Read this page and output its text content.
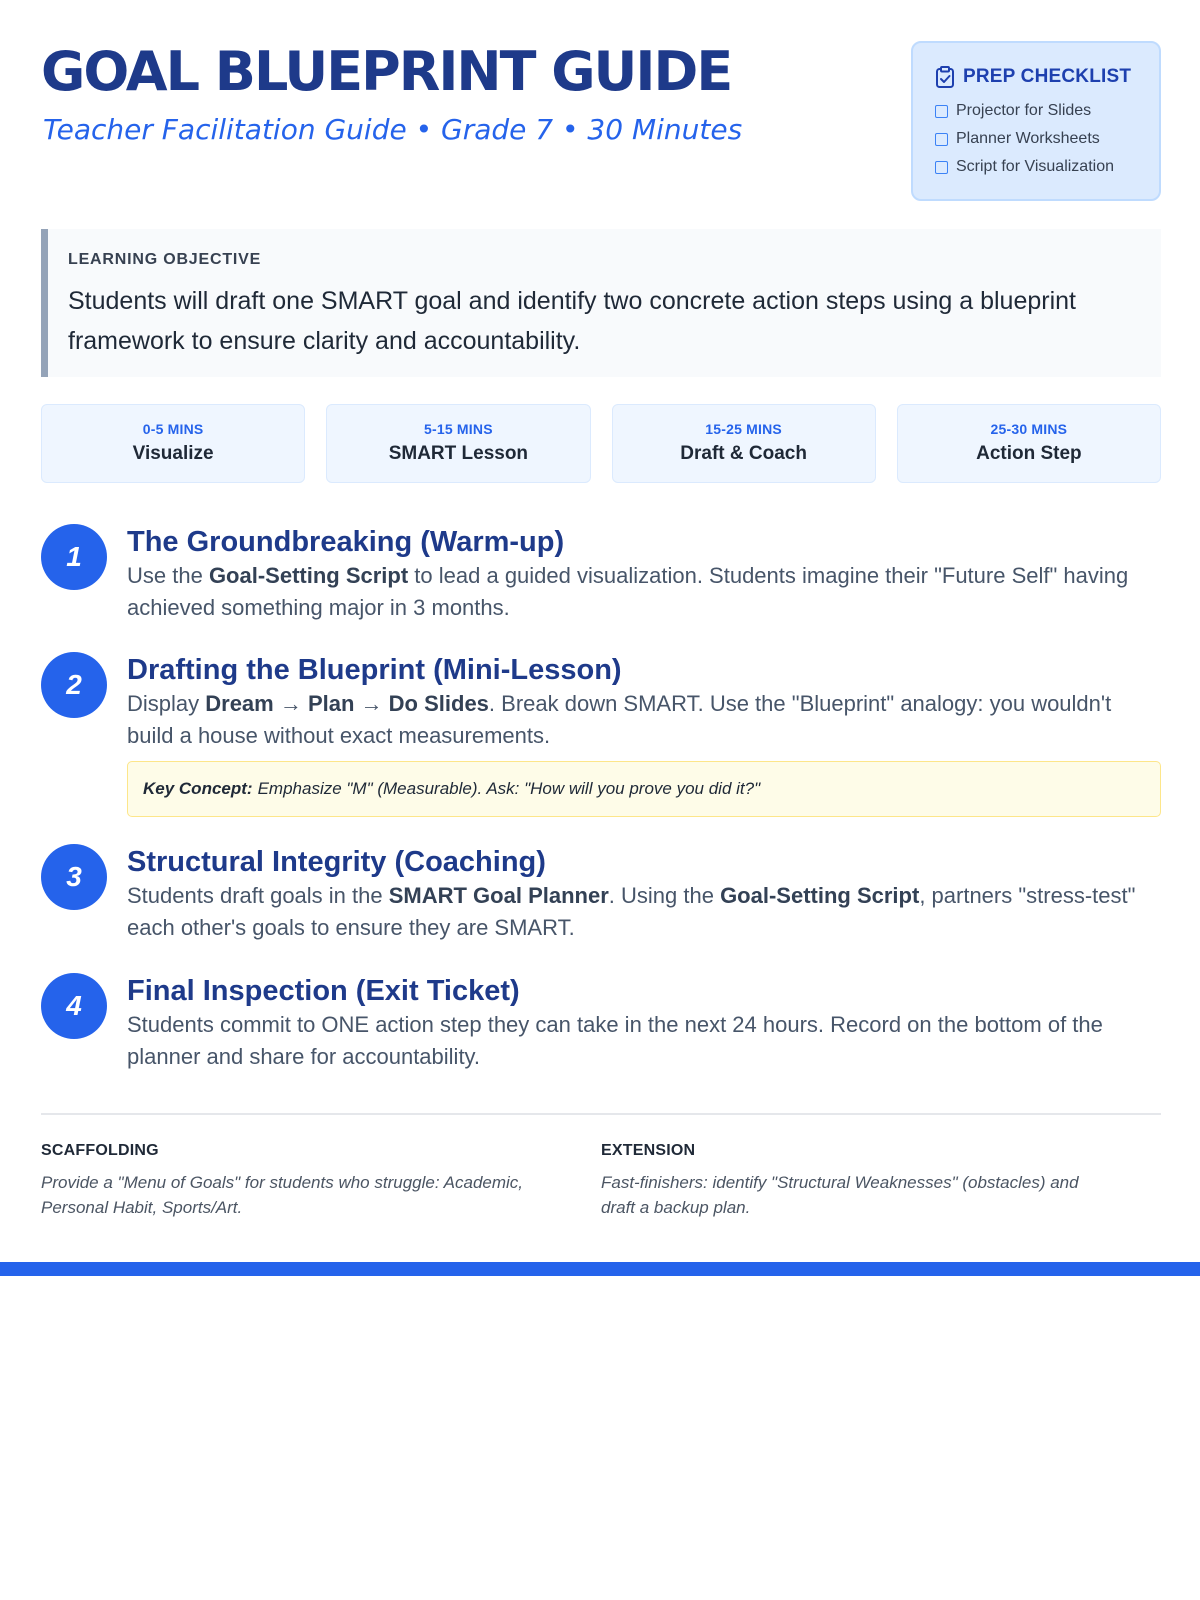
GOAL BLUEPRINT GUIDE
Teacher Facilitation Guide • Grade 7 • 30 Minutes
PREP CHECKLIST
Projector for Slides
Planner Worksheets
Script for Visualization
LEARNING OBJECTIVE
Students will draft one SMART goal and identify two concrete action steps using a blueprint framework to ensure clarity and accountability.
0-5 MINS
Visualize
5-15 MINS
SMART Lesson
15-25 MINS
Draft & Coach
25-30 MINS
Action Step
1	The Groundbreaking (Warm-up)
Use the Goal-Setting Script to lead a guided visualization. Students imagine their "Future Self" having achieved something major in 3 months.
2	Drafting the Blueprint (Mini-Lesson)
Display Dream → Plan → Do Slides. Break down SMART. Use the "Blueprint" analogy: you wouldn't build a house without exact measurements.
Key Concept: Emphasize "M" (Measurable). Ask: "How will you prove you did it?"
3	Structural Integrity (Coaching)
Students draft goals in the SMART Goal Planner. Using the Goal-Setting Script, partners "stress-test" each other's goals to ensure they are SMART.
4	Final Inspection (Exit Ticket)
Students commit to ONE action step they can take in the next 24 hours. Record on the bottom of the planner and share for accountability.
SCAFFOLDING
Provide a "Menu of Goals" for students who struggle: Academic, Personal Habit, Sports/Art.
EXTENSION
Fast-finishers: identify "Structural Weaknesses" (obstacles) and draft a backup plan.
